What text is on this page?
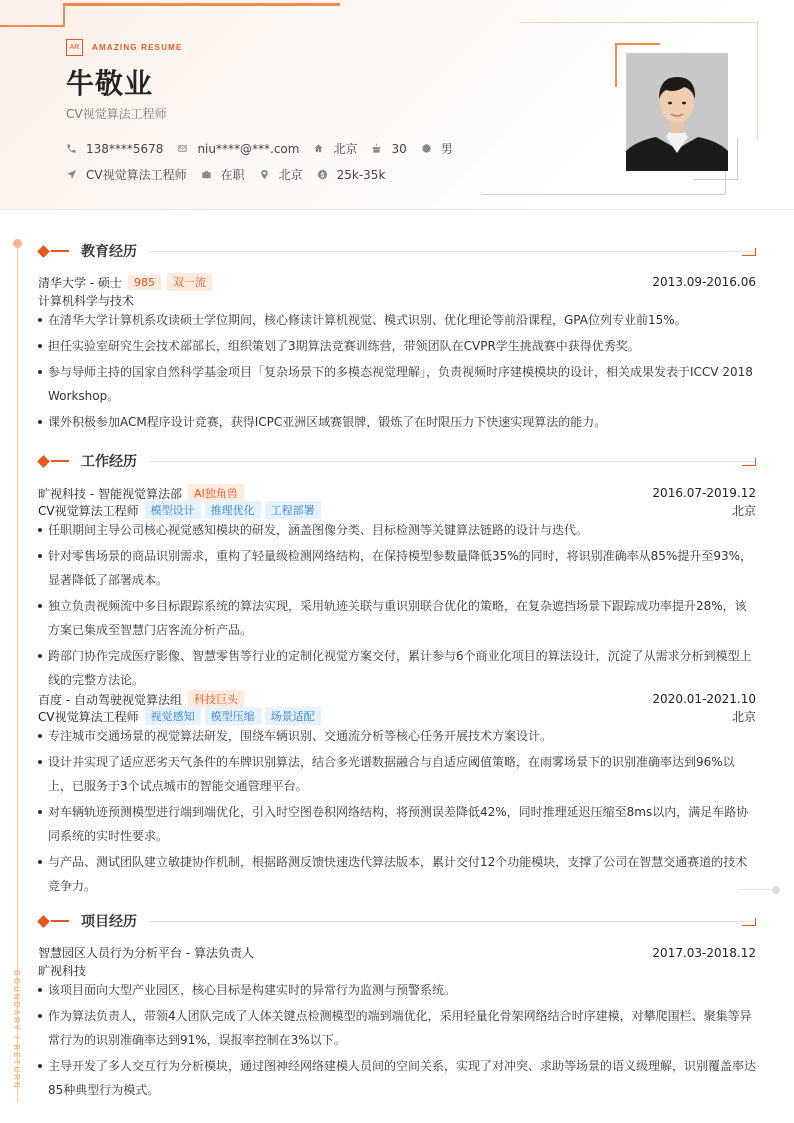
AR	AMAZING RESUME
牛敬业
CV视觉算法工程师
138****5678	niu****@***.com	北京	30	男
CV视觉算法工程师	在职	北京	25k-35k
BOUNDARY / RETURN
教育经历
清华大学 - 硕士	985	双一流	2013.09-2016.06
计算机科学与技术
在清华大学计算机系攻读硕士学位期间，核心修读计算机视觉、模式识别、优化理论等前沿课程，GPA位列专业前15%。
担任实验室研究生会技术部部长，组织策划了3期算法竞赛训练营，带领团队在CVPR学生挑战赛中获得优秀奖。
参与导师主持的国家自然科学基金项目「复杂场景下的多模态视觉理解」，负责视频时序建模模块的设计，相关成果发表于ICCV 2018 Workshop。
课外积极参加ACM程序设计竞赛，获得ICPC亚洲区域赛银牌，锻炼了在时限压力下快速实现算法的能力。
工作经历
旷视科技 - 智能视觉算法部	AI独角兽	2016.07-2019.12
CV视觉算法工程师	模型设计	推理优化	工程部署	北京
任职期间主导公司核心视觉感知模块的研发，涵盖图像分类、目标检测等关键算法链路的设计与迭代。
针对零售场景的商品识别需求，重构了轻量级检测网络结构，在保持模型参数量降低35%的同时，将识别准确率从85%提升至93%，显著降低了部署成本。
独立负责视频流中多目标跟踪系统的算法实现，采用轨迹关联与重识别联合优化的策略，在复杂遮挡场景下跟踪成功率提升28%，该方案已集成至智慧门店客流分析产品。
跨部门协作完成医疗影像、智慧零售等行业的定制化视觉方案交付，累计参与6个商业化项目的算法设计，沉淀了从需求分析到模型上线的完整方法论。
百度 - 自动驾驶视觉算法组	科技巨头	2020.01-2021.10
CV视觉算法工程师	视觉感知	模型压缩	场景适配	北京
专注城市交通场景的视觉算法研发，围绕车辆识别、交通流分析等核心任务开展技术方案设计。
设计并实现了适应恶劣天气条件的车牌识别算法，结合多光谱数据融合与自适应阈值策略，在雨雾场景下的识别准确率达到96%以上，已服务于3个试点城市的智能交通管理平台。
对车辆轨迹预测模型进行端到端优化，引入时空图卷积网络结构，将预测误差降低42%，同时推理延迟压缩至8ms以内，满足车路协同系统的实时性要求。
与产品、测试团队建立敏捷协作机制，根据路测反馈快速迭代算法版本，累计交付12个功能模块，支撑了公司在智慧交通赛道的技术竞争力。
项目经历
智慧园区人员行为分析平台 - 算法负责人	2017.03-2018.12
旷视科技
该项目面向大型产业园区，核心目标是构建实时的异常行为监测与预警系统。
作为算法负责人，带领4人团队完成了人体关键点检测模型的端到端优化，采用轻量化骨架网络结合时序建模，对攀爬围栏、聚集等异常行为的识别准确率达到91%，误报率控制在3%以下。
主导开发了多人交互行为分析模块，通过图神经网络建模人员间的空间关系，实现了对冲突、求助等场景的语义级理解，识别覆盖率达85种典型行为模式。
